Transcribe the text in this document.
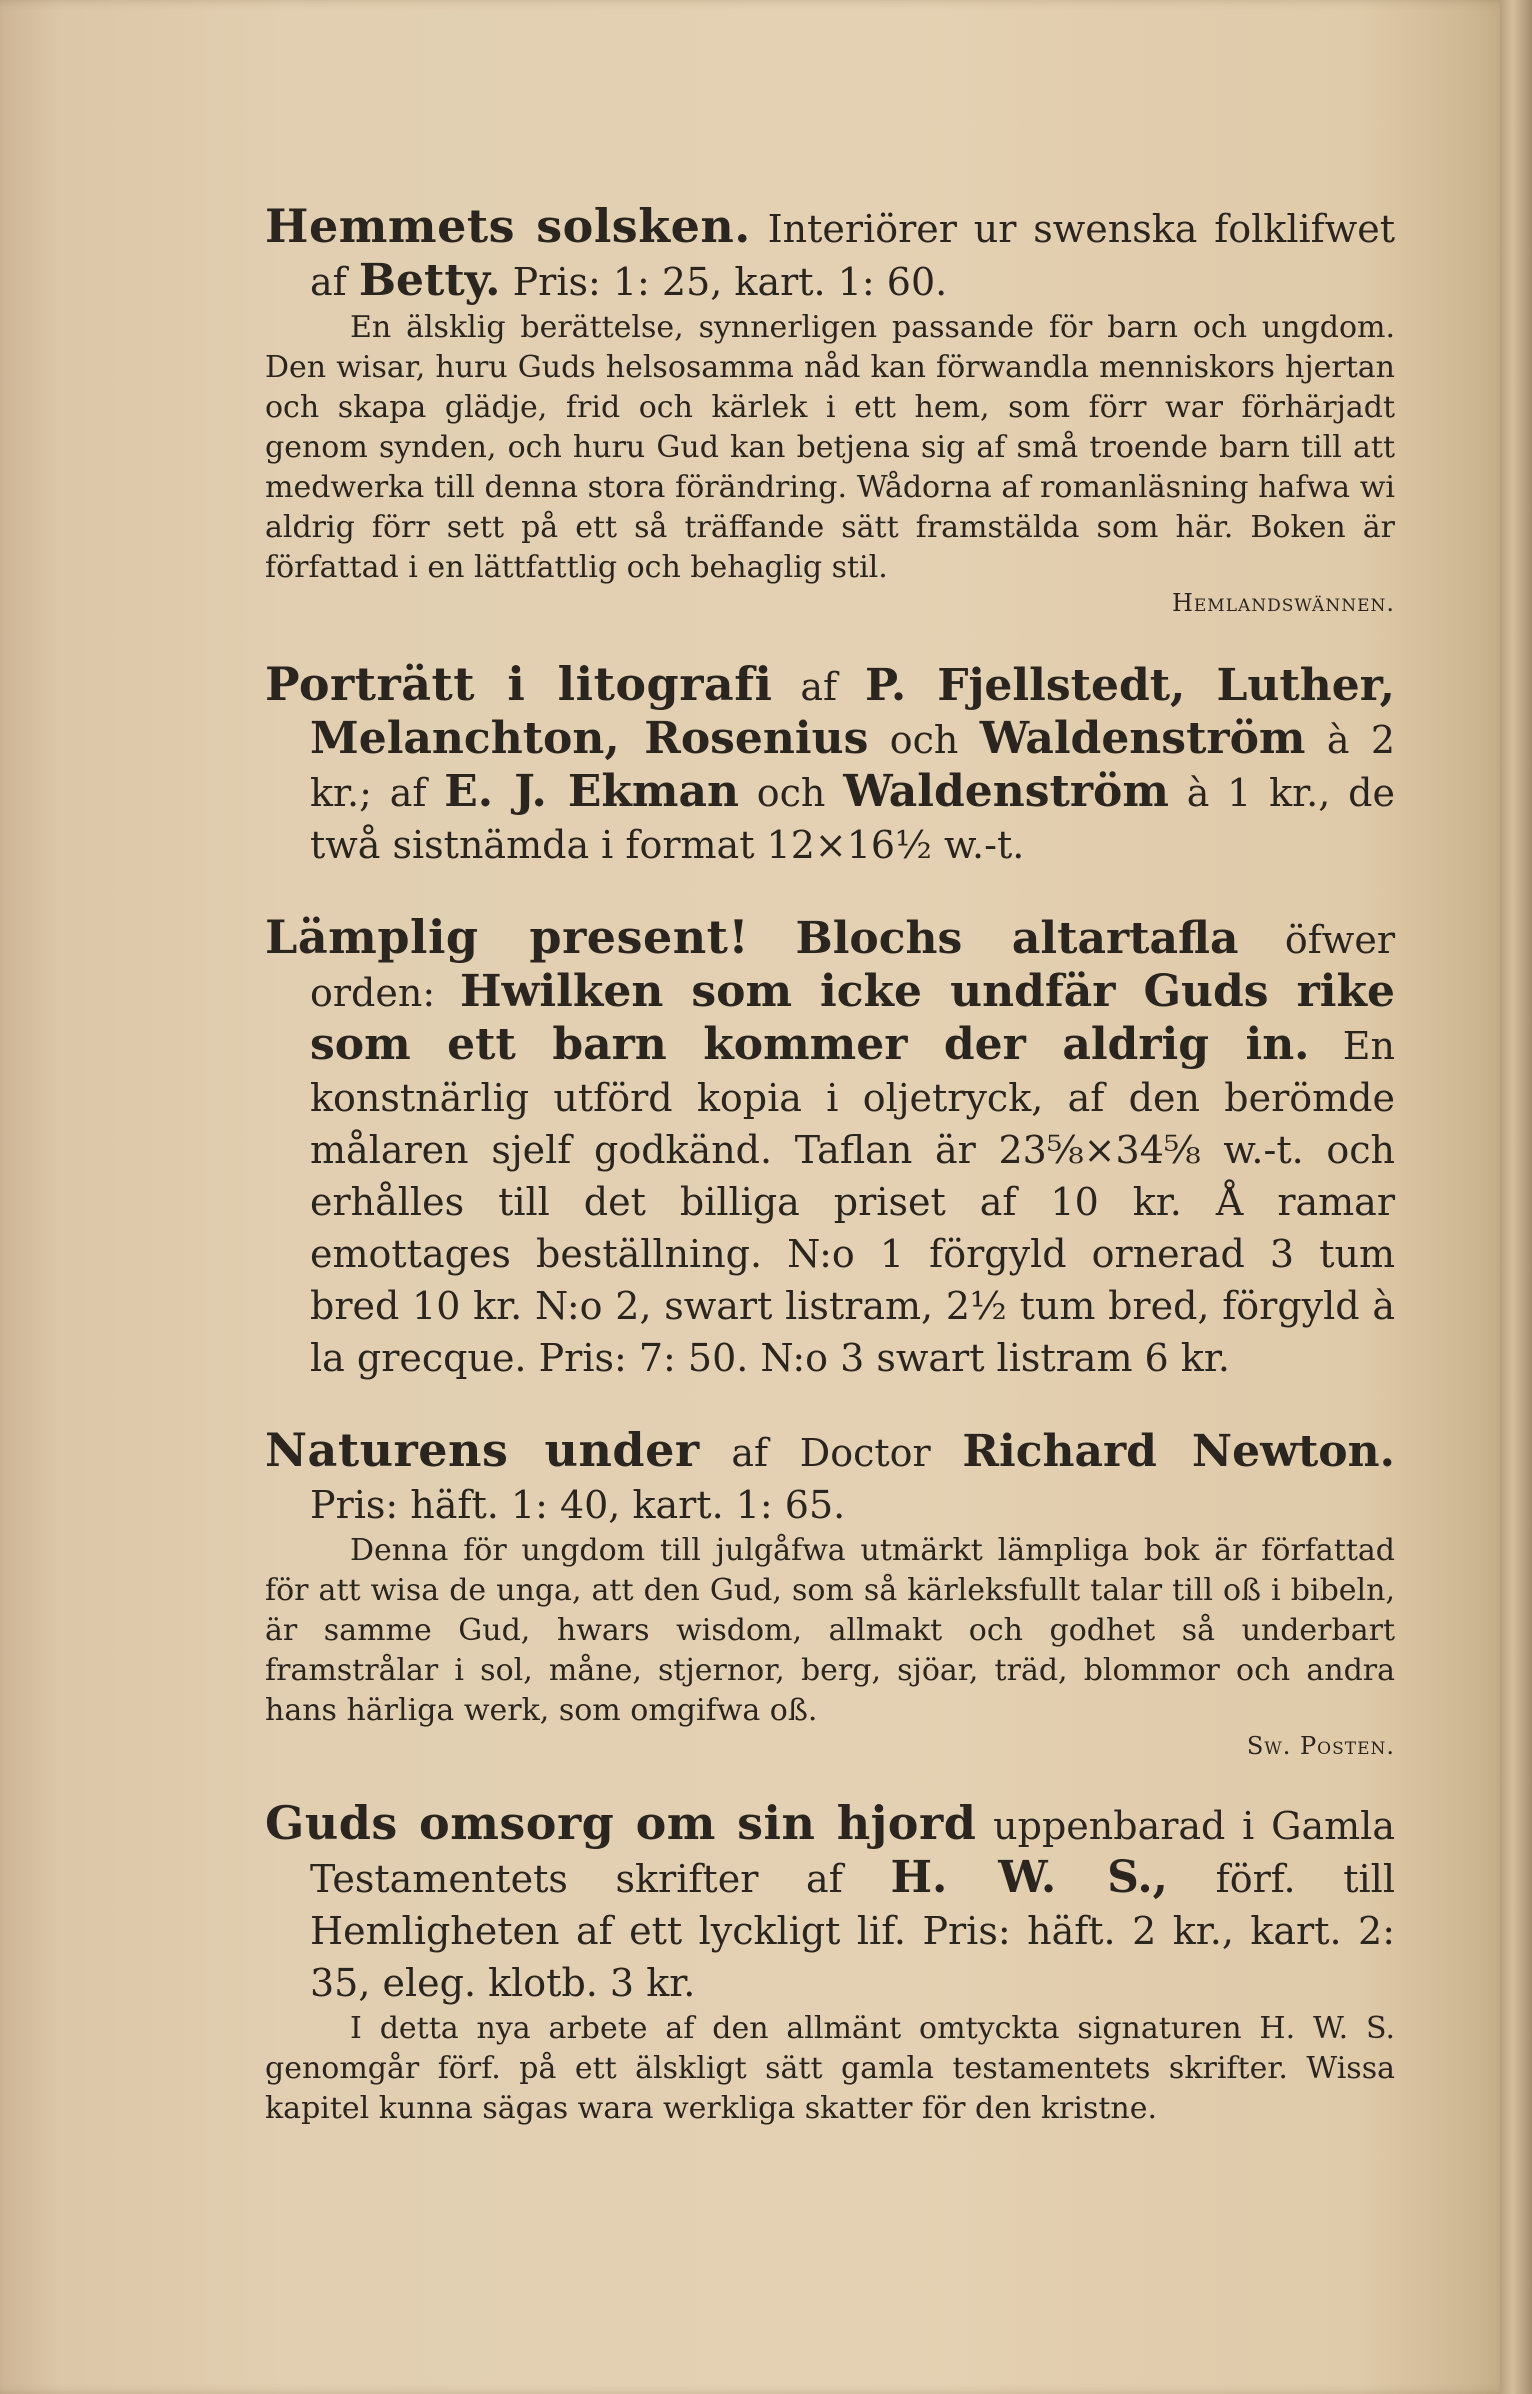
Hemmets solsken. Interiörer ur swenska folklifwet af Betty. Pris: 1: 25, kart. 1: 60.

En älsklig berättelse, synnerligen passande för barn och ungdom. Den wisar, huru Guds helsosamma nåd kan förwandla menniskors hjertan och skapa glädje, frid och kärlek i ett hem, som förr war förhärjadt genom synden, och huru Gud kan betjena sig af små troende barn till att medwerka till denna stora förändring. Wådorna af romanläsning hafwa wi aldrig förr sett på ett så träffande sätt framstälda som här. Boken är författad i en lättfattlig och behaglig stil.

Hemlandswännen.

Porträtt i litografi af P. Fjellstedt, Luther, Melanchton, Rosenius och Waldenström à 2 kr.; af E. J. Ekman och Waldenström à 1 kr., de twå sistnämda i format 12×16½ w.-t.

Lämplig present! Blochs altartafla öfwer orden: Hwilken som icke undfär Guds rike som ett barn kommer der aldrig in. En konstnärlig utförd kopia i oljetryck, af den berömde målaren sjelf godkänd. Taflan är 23⅝×34⅝ w.-t. och erhålles till det billiga priset af 10 kr. Å ramar emottages beställning. N:o 1 förgyld ornerad 3 tum bred 10 kr. N:o 2, swart listram, 2½ tum bred, förgyld à la grecque. Pris: 7: 50. N:o 3 swart listram 6 kr.

Naturens under af Doctor Richard Newton. Pris: häft. 1: 40, kart. 1: 65.

Denna för ungdom till julgåfwa utmärkt lämpliga bok är författad för att wisa de unga, att den Gud, som så kärleksfullt talar till oß i bibeln, är samme Gud, hwars wisdom, allmakt och godhet så underbart framstrålar i sol, måne, stjernor, berg, sjöar, träd, blommor och andra hans härliga werk, som omgifwa oß.

Sw. Posten.

Guds omsorg om sin hjord uppenbarad i Gamla Testamentets skrifter af H. W. S., förf. till Hemligheten af ett lyckligt lif. Pris: häft. 2 kr., kart. 2: 35, eleg. klotb. 3 kr.

I detta nya arbete af den allmänt omtyckta signaturen H. W. S. genomgår förf. på ett älskligt sätt gamla testamentets skrifter. Wissa kapitel kunna sägas wara werkliga skatter för den kristne.
